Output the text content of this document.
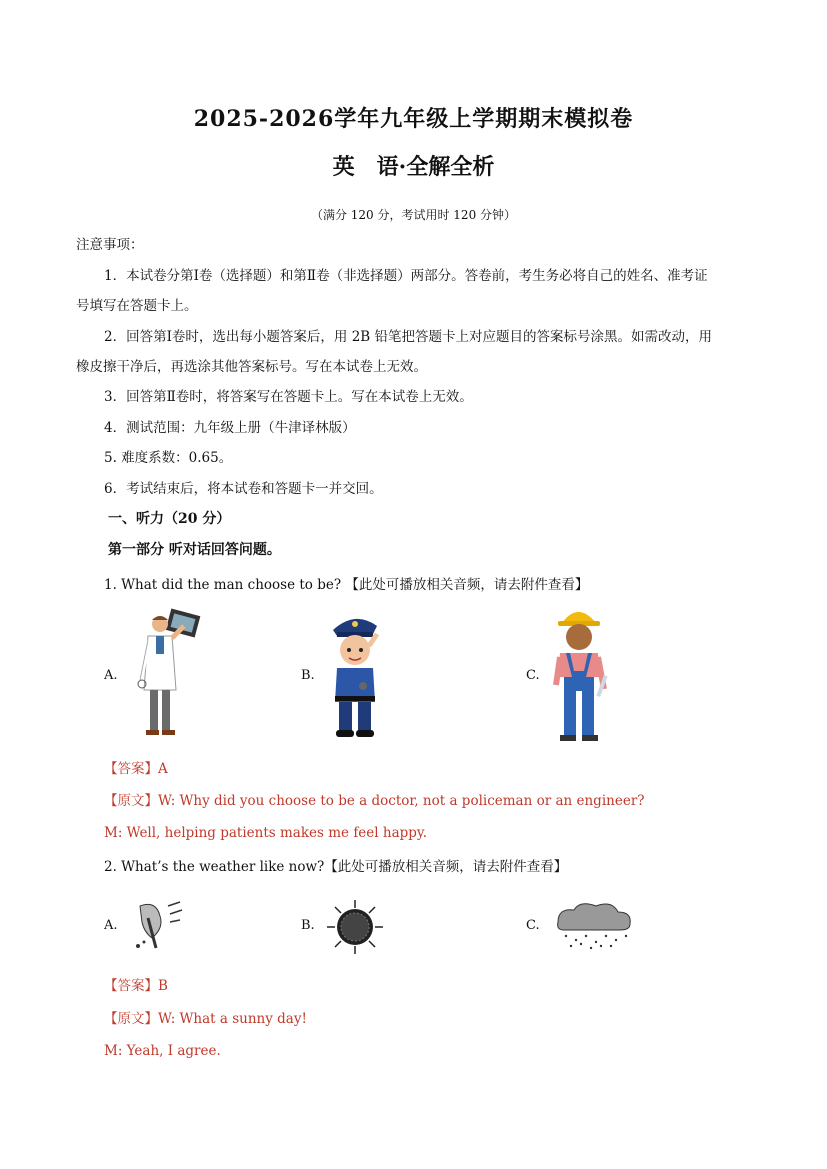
2025-2026学年九年级上学期期末模拟卷
英　语·全解全析
（满分 120 分，考试用时 120 分钟）
注意事项：
1．本试卷分第Ⅰ卷（选择题）和第Ⅱ卷（非选择题）两部分。答卷前，考生务必将自己的姓名、准考证
号填写在答题卡上。
2．回答第Ⅰ卷时，选出每小题答案后，用 2B 铅笔把答题卡上对应题目的答案标号涂黑。如需改动，用
橡皮擦干净后，再选涂其他答案标号。写在本试卷上无效。
3．回答第Ⅱ卷时，将答案写在答题卡上。写在本试卷上无效。
4．测试范围：九年级上册（牛津译林版）
5. 难度系数：0.65。
6．考试结束后，将本试卷和答题卡一并交回。
一、听力（20 分）
第一部分 听对话回答问题。
1. What did the man choose to be? 【此处可播放相关音频，请去附件查看】
A.	B.	C.
【答案】A
【原文】W: Why did you choose to be a doctor, not a policeman or an engineer?
M: Well, helping patients makes me feel happy.
2. What’s the weather like now?【此处可播放相关音频，请去附件查看】
A.	B.	C.
【答案】B
【原文】W: What a sunny day!
M: Yeah, I agree.
